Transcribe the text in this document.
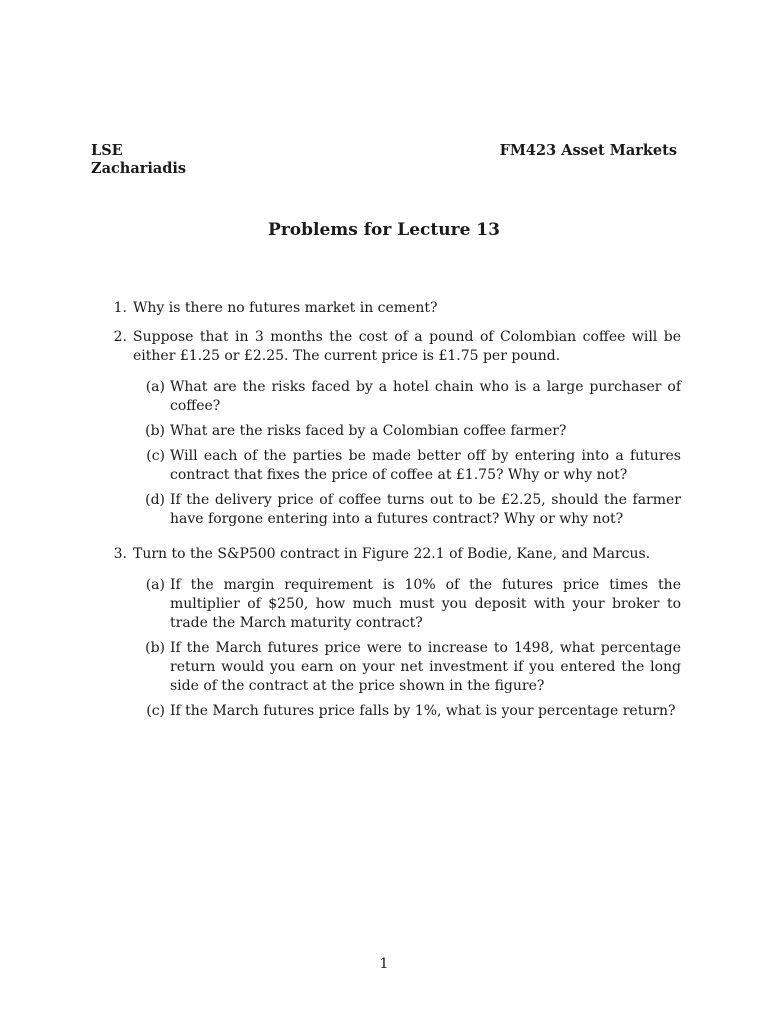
LSE
Zachariadis
FM423 Asset Markets
Problems for Lecture 13
1. Why is there no futures market in cement?
2. Suppose that in 3 months the cost of a pound of Colombian coffee will be either £1.25 or £2.25. The current price is £1.75 per pound.
(a) What are the risks faced by a hotel chain who is a large purchaser of coffee?
(b) What are the risks faced by a Colombian coffee farmer?
(c) Will each of the parties be made better off by entering into a futures contract that fixes the price of coffee at £1.75? Why or why not?
(d) If the delivery price of coffee turns out to be £2.25, should the farmer have forgone entering into a futures contract? Why or why not?
3. Turn to the S&P500 contract in Figure 22.1 of Bodie, Kane, and Marcus.
(a) If the margin requirement is 10% of the futures price times the multiplier of $250, how much must you deposit with your broker to trade the March maturity contract?
(b) If the March futures price were to increase to 1498, what percentage return would you earn on your net investment if you entered the long side of the contract at the price shown in the figure?
(c) If the March futures price falls by 1%, what is your percentage return?
1
